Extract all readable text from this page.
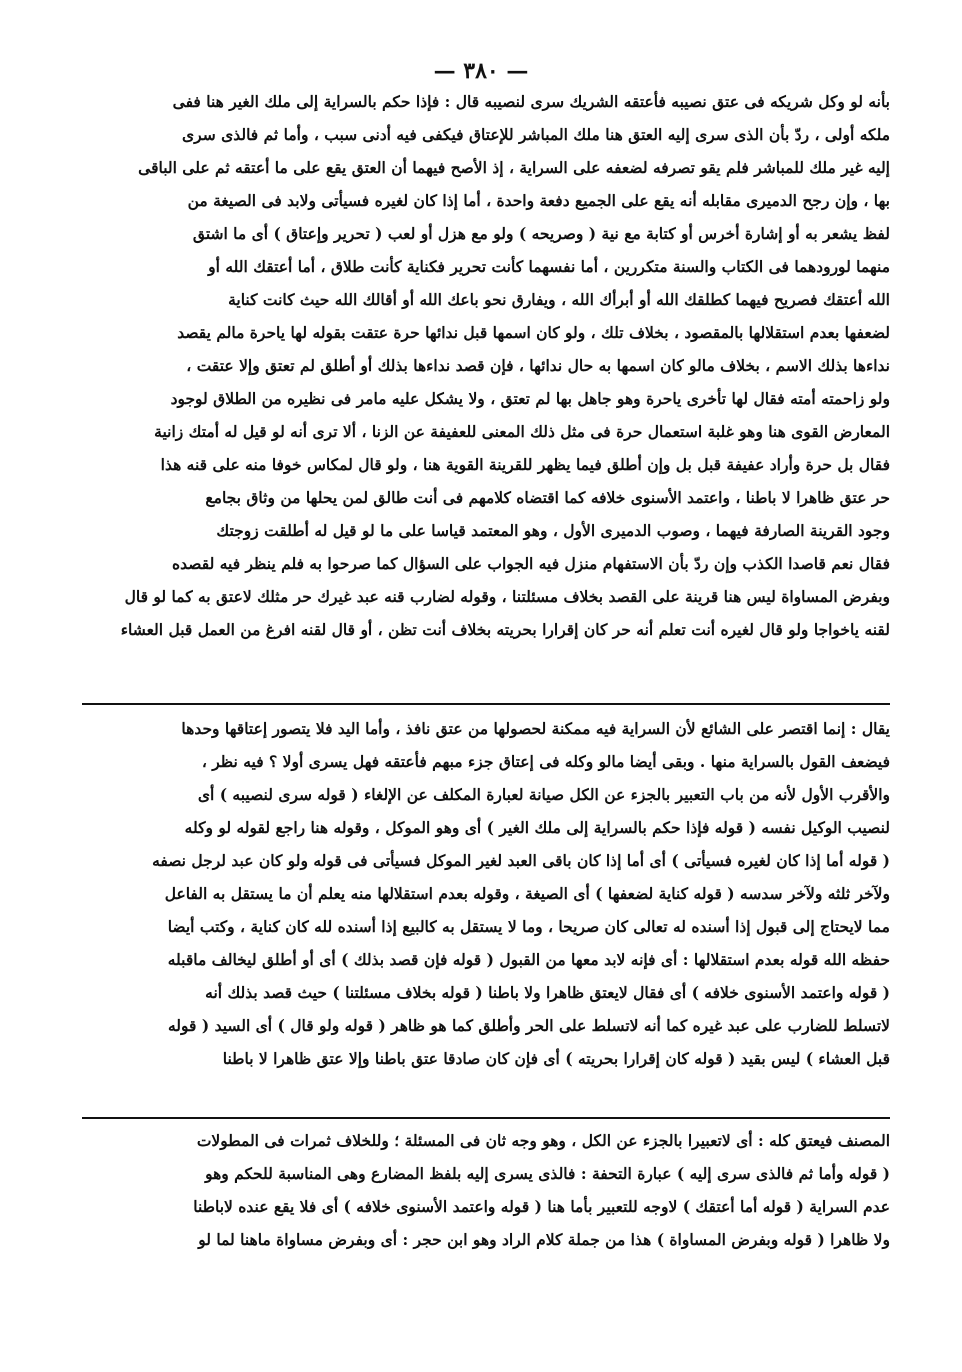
— ٣٨٠ —
بأنه لو وكل شريكه فى عتق نصيبه فأعتقه الشريك سرى لنصيبه قال : فإذا حكم بالسراية إلى ملك الغير هنا ففى
ملكه أولى ، ردّ بأن الذى سرى إليه العتق هنا ملك المباشر للإعتاق فيكفى فيه أدنى سبب ، وأما ثم فالذى سرى
إليه غير ملك للمباشر فلم يقو تصرفه لضعفه على السراية ، إذ الأصح فيهما أن العتق يقع على ما أعتقه ثم على الباقى
بها ، وإن رجح الدميرى مقابله أنه يقع على الجميع دفعة واحدة ، أما إذا كان لغيره فسيأتى ولابد فى الصيغة من
لفظ يشعر به أو إشارة أخرس أو كتابة مع نية ( وصريحه ) ولو مع هزل أو لعب ( تحرير وإعتاق ) أى ما اشتق
منهما لورودهما فى الكتاب والسنة متكررين ، أما نفسهما كأنت تحرير فكناية كأنت طلاق ، أما أعتقك الله أو
الله أعتقك فصريح فيهما كطلقك الله أو أبرأك الله ، ويفارق نحو باعك الله أو أقالك الله حيث كانت كناية
لضعفها بعدم استقلالها بالمقصود ، بخلاف تلك ، ولو كان اسمها قبل ندائها حرة عتقت بقوله لها ياحرة مالم يقصد
نداءها بذلك الاسم ، بخلاف مالو كان اسمها به حال ندائها ، فإن قصد نداءها بذلك أو أطلق لم تعتق وإلا عتقت ،
ولو زاحمته أمته فقال لها تأخرى ياحرة وهو جاهل بها لم تعتق ، ولا يشكل عليه مامر فى نظيره من الطلاق لوجود
المعارض القوى هنا وهو غلبة استعمال حرة فى مثل ذلك المعنى للعفيفة عن الزنا ، ألا ترى أنه لو قيل له أمتك زانية
فقال بل حرة وأراد عفيفة قبل بل وإن أطلق فيما يظهر للقرينة القوية هنا ، ولو قال لمكاس خوفا منه على قنه هذا
حر عتق ظاهرا لا باطنا ، واعتمد الأسنوى خلافه كما اقتضاه كلامهم فى أنت طالق لمن يحلها من وثاق بجامع
وجود القرينة الصارفة فيهما ، وصوب الدميرى الأول ، وهو المعتمد قياسا على ما لو قيل له أطلقت زوجتك
فقال نعم قاصدا الكذب وإن ردّ بأن الاستفهام منزل فيه الجواب على السؤال كما صرحوا به فلم ينظر فيه لقصده
وبفرض المساواة ليس هنا قرينة على القصد بخلاف مسئلتنا ، وقوله لضارب قنه عبد غيرك حر مثلك لاعتق به كما لو قال
لقنه ياخواجا ولو قال لغيره أنت تعلم أنه حر كان إقرارا بحريته بخلاف أنت تظن ، أو قال لقنه افرغ من العمل قبل العشاء
يقال : إنما اقتصر على الشائع لأن السراية فيه ممكنة لحصولها من عتق نافذ ، وأما اليد فلا يتصور إعتاقها وحدها
فيضعف القول بالسراية منها . وبقى أيضا مالو وكله فى إعتاق جزء مبهم فأعتقه فهل يسرى أولا ؟ فيه نظر ،
والأقرب الأول لأنه من باب التعبير بالجزء عن الكل صيانة لعبارة المكلف عن الإلغاء ( قوله سرى لنصيبه ) أى
لنصيب الوكيل نفسه ( قوله فإذا حكم بالسراية إلى ملك الغير ) أى وهو الموكل ، وقوله هنا راجع لقوله لو وكله
( قوله أما إذا كان لغيره فسيأتى ) أى أما إذا كان باقى العبد لغير الموكل فسيأتى فى قوله ولو كان عبد لرجل نصفه
ولآخر ثلثه ولآخر سدسه ( قوله كناية لضعفها ) أى الصيغة ، وقوله بعدم استقلالها منه يعلم أن ما يستقل به الفاعل
مما لايحتاج إلى قبول إذا أسنده له تعالى كان صريحا ، وما لا يستقل به كالبيع إذا أسنده لله كان كناية ، وكتب أيضا
حفظه الله قوله بعدم استقلالها : أى فإنه لابد معها من القبول ( قوله فإن قصد بذلك ) أى أو أطلق ليخالف ماقبله
( قوله واعتمد الأسنوى خلافه ) أى فقال لايعتق ظاهرا ولا باطنا ( قوله بخلاف مسئلتنا ) حيث قصد بذلك أنه
لاتسلط للضارب على عبد غيره كما أنه لاتسلط على الحر وأطلق كما هو ظاهر ( قوله ولو قال ) أى السيد ( قوله
قبل العشاء ) ليس بقيد ( قوله كان إقرارا بحريته ) أى فإن كان صادقا عتق باطنا وإلا عتق ظاهرا لا باطنا
المصنف فيعتق كله : أى لاتعبيرا بالجزء عن الكل ، وهو وجه ثان فى المسئلة ؛ وللخلاف ثمرات فى المطولات
( قوله وأما ثم فالذى سرى إليه ) عبارة التحفة : فالذى يسرى إليه بلفظ المضارع وهى المناسبة للحكم وهو
عدم السراية ( قوله أما أعتقك ) لاوجه للتعبير بأما هنا ( قوله واعتمد الأسنوى خلافه ) أى فلا يقع عنده لاباطنا
ولا ظاهرا ( قوله وبفرض المساواة ) هذا من جملة كلام الراد وهو ابن حجر : أى وبفرض مساواة ماهنا لما لو
